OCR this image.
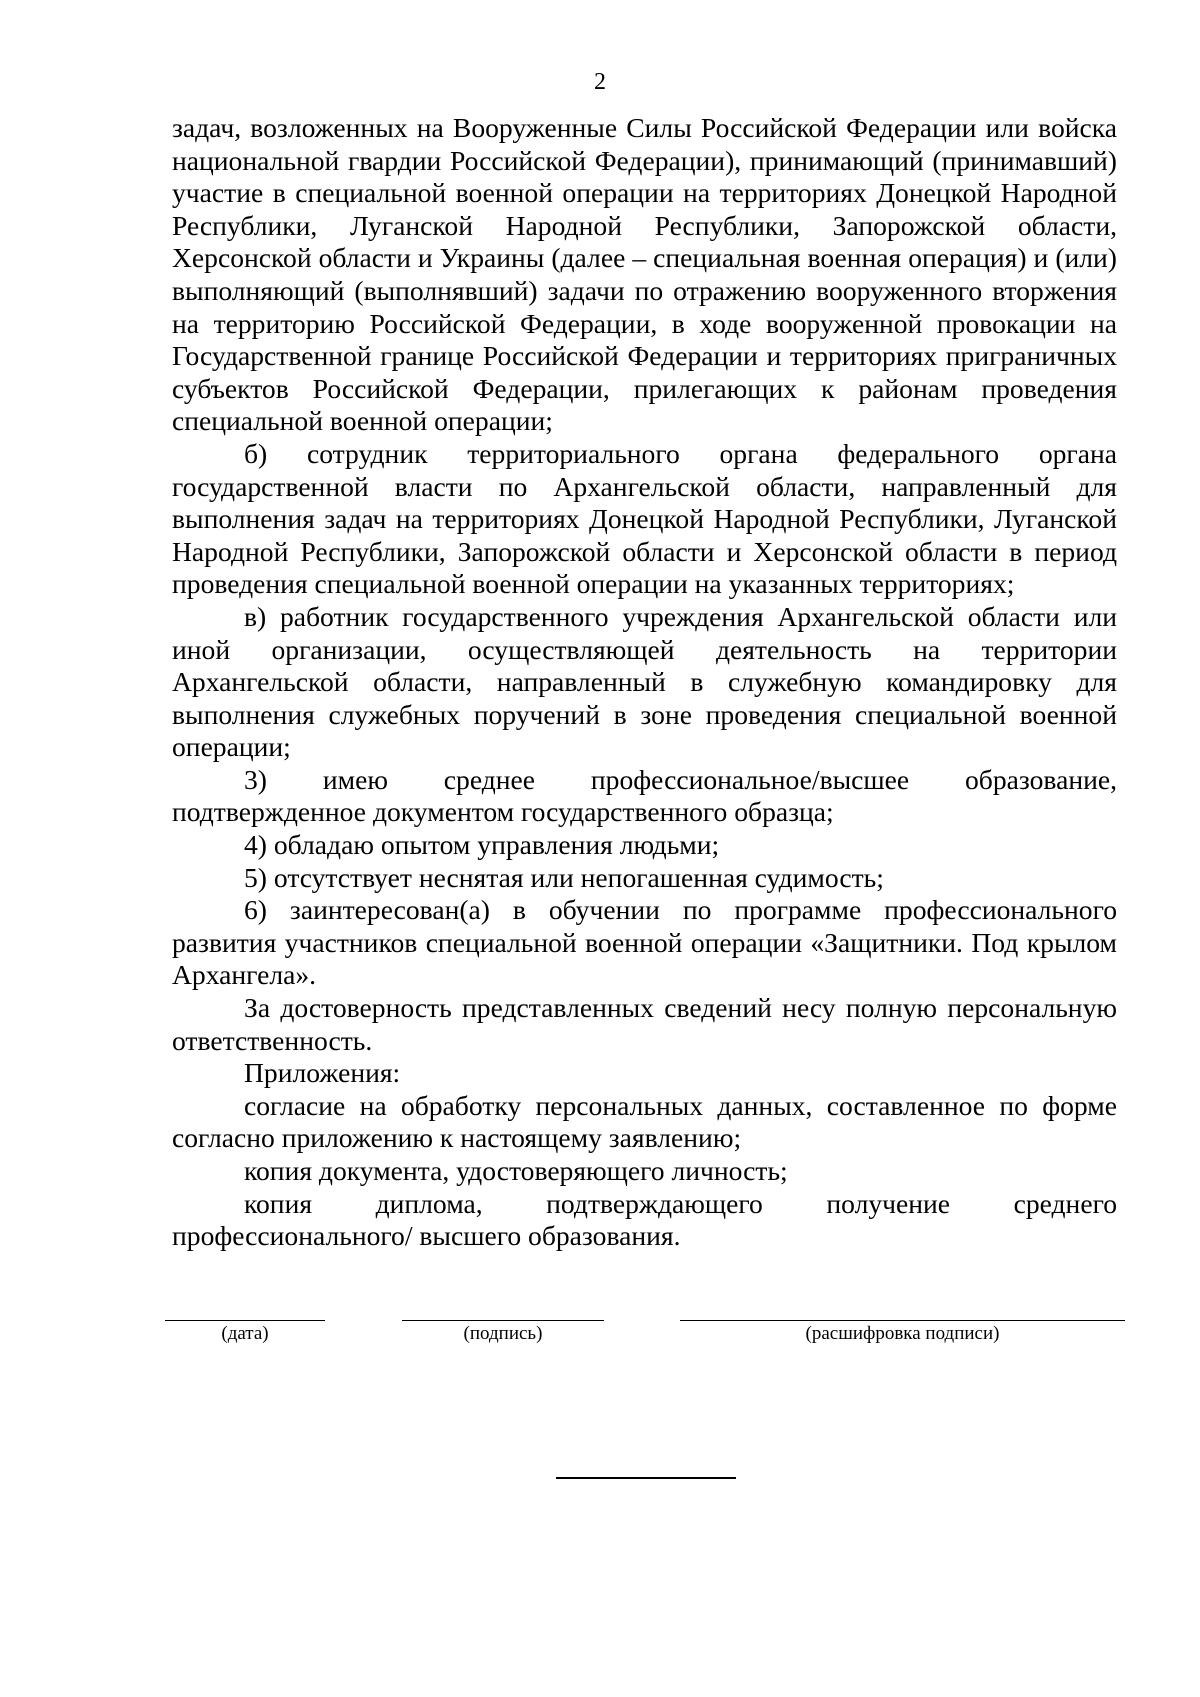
2

задач, возложенных на Вооруженные Силы Российской Федерации или войска национальной гвардии Российской Федерации), принимающий (принимавший) участие в специальной военной операции на территориях Донецкой Народной Республики, Луганской Народной Республики, Запорожской области, Херсонской области и Украины (далее – специальная военная операция) и (или) выполняющий (выполнявший) задачи по отражению вооруженного вторжения на территорию Российской Федерации, в ходе вооруженной провокации на Государственной границе Российской Федерации и территориях приграничных субъектов Российской Федерации, прилегающих к районам проведения специальной военной операции;

б) сотрудник территориального органа федерального органа государственной власти по Архангельской области, направленный для выполнения задач на территориях Донецкой Народной Республики, Луганской Народной Республики, Запорожской области и Херсонской области в период проведения специальной военной операции на указанных территориях;

в) работник государственного учреждения Архангельской области или иной организации, осуществляющей деятельность на территории Архангельской области, направленный в служебную командировку для выполнения служебных поручений в зоне проведения специальной военной операции;

3) имею среднее профессиональное/высшее образование, подтвержденное документом государственного образца;

4) обладаю опытом управления людьми;

5) отсутствует неснятая или непогашенная судимость;

6) заинтересован(а) в обучении по программе профессионального развития участников специальной военной операции «Защитники. Под крылом Архангела».

За достоверность представленных сведений несу полную персональную ответственность.

Приложения:

согласие на обработку персональных данных, составленное по форме согласно приложению к настоящему заявлению;

копия документа, удостоверяющего личность;

копия диплома, подтверждающего получение среднего профессионального/ высшего образования.

(дата)	(подпись)	(расшифровка подписи)
